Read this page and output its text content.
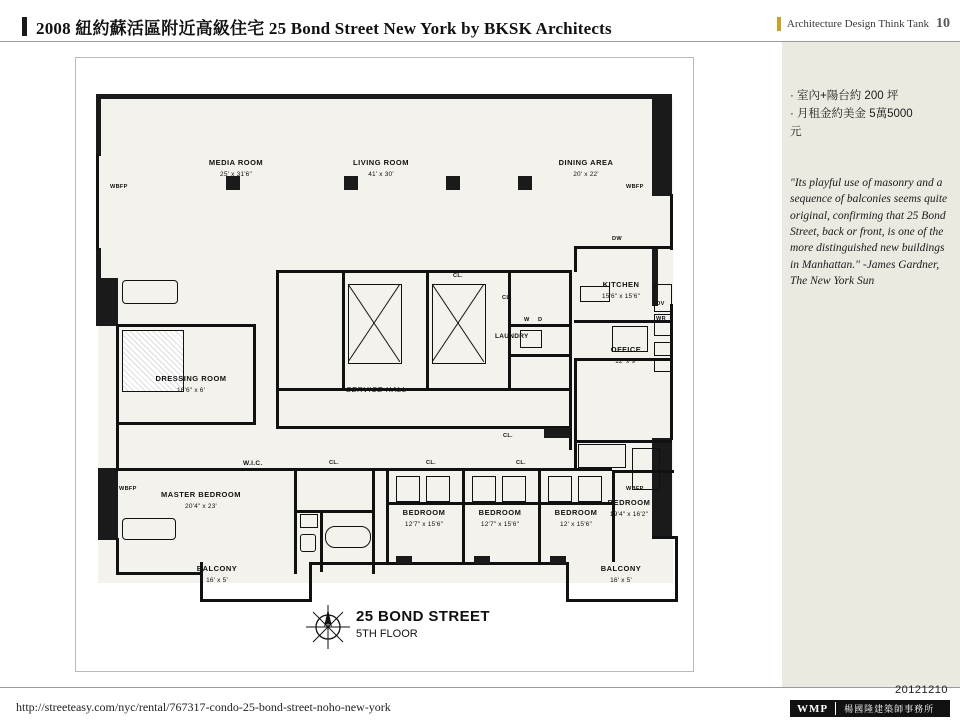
2008 紐約蘇活區附近高級住宅 25 Bond Street New York by BKSK Architects	Architecture Design Think Tank 10
· 室內+陽台約 200 坪
· 月租金約美金 5萬5000
元
"Its playful use of masonry and a sequence of balconies seems quite original, confirming that 25 Bond Street, back or front, is one of the more distinguished new buildings in Manhattan." -James Gardner, The New York Sun
MEDIA ROOM
25' x 31'6"
LIVING ROOM
41' x 30'
DINING AREA
20' x 22'
KITCHEN
15'6" x 15'6"
OFFICE
12' x 9'
DRESSING ROOM
16'6" x 6'
MASTER BEDROOM
20'4" x 23'
BEDROOM
12'7" x 15'6"
BEDROOM
12'7" x 15'6"
BEDROOM
12' x 15'6"
BEDROOM
19'4" x 16'2"
BALCONY
16' x 5'
BALCONY
16' x 5'
SERVICE HALL
LAUNDRY
W.I.C.
WBFP	WBFP
WBFP	WBFP
CL.
CL.	CL.	CL.
CL.
CL.
W D
DW
OV
WR
25 BOND STREET
5TH FLOOR
http://streeteasy.com/nyc/rental/767317-condo-25-bond-street-noho-new-york
20121210
WMP	楊國隆建築師事務所
